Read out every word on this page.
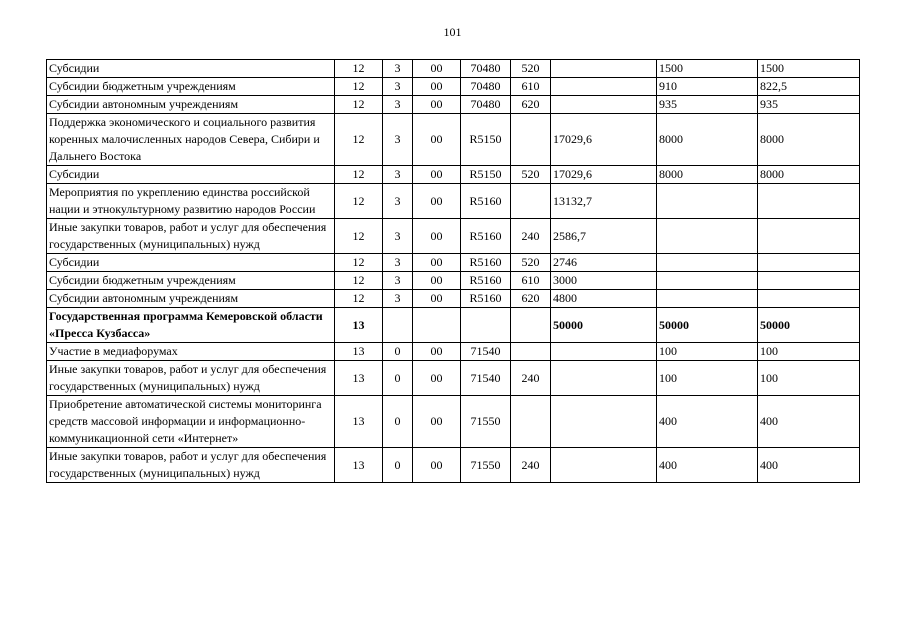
101
Субсидии	12	3	00	70480	520		1500	1500
Субсидии бюджетным учреждениям	12	3	00	70480	610		910	822,5
Субсидии автономным учреждениям	12	3	00	70480	620		935	935
Поддержка экономического и социального развития коренных малочисленных народов Севера, Сибири и Дальнего Востока	12	3	00	R5150		17029,6	8000	8000
Субсидии	12	3	00	R5150	520	17029,6	8000	8000
Мероприятия по укреплению единства российской нации и этнокультурному развитию народов России	12	3	00	R5160		13132,7		
Иные закупки товаров, работ и услуг для обеспечения государственных (муниципальных) нужд	12	3	00	R5160	240	2586,7		
Субсидии	12	3	00	R5160	520	2746		
Субсидии бюджетным учреждениям	12	3	00	R5160	610	3000		
Субсидии автономным учреждениям	12	3	00	R5160	620	4800		
Государственная программа Кемеровской области «Пресса Кузбасса»	13					50000	50000	50000
Участие в медиафорумах	13	0	00	71540			100	100
Иные закупки товаров, работ и услуг для обеспечения государственных (муниципальных) нужд	13	0	00	71540	240		100	100
Приобретение автоматической системы мониторинга средств массовой информации и информационно-коммуникационной сети «Интернет»	13	0	00	71550			400	400
Иные закупки товаров, работ и услуг для обеспечения государственных (муниципальных) нужд	13	0	00	71550	240		400	400
